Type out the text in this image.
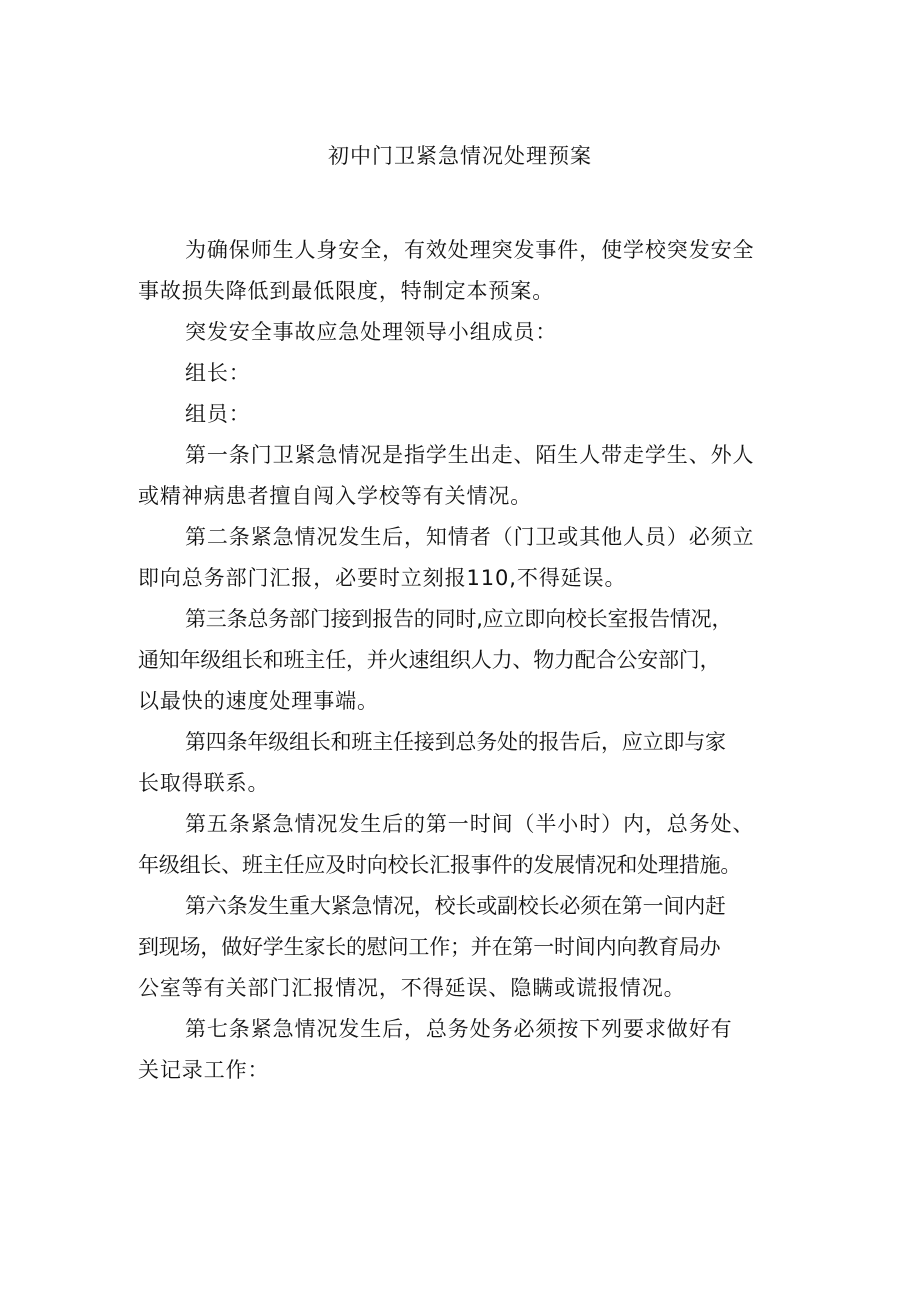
初中门卫紧急情况处理预案
为确保师生人身安全，有效处理突发事件，使学校突发安全
事故损失降低到最低限度，特制定本预案。
突发安全事故应急处理领导小组成员：
组长：
组员：
第一条门卫紧急情况是指学生出走、陌生人带走学生、外人
或精神病患者擅自闯入学校等有关情况。
第二条紧急情况发生后，知情者（门卫或其他人员）必须立
即向总务部门汇报，必要时立刻报110,不得延误。
第三条总务部门接到报告的同时,应立即向校长室报告情况，
通知年级组长和班主任，并火速组织人力、物力配合公安部门，
以最快的速度处理事端。
第四条年级组长和班主任接到总务处的报告后，应立即与家
长取得联系。
第五条紧急情况发生后的第一时间（半小时）内，总务处、
年级组长、班主任应及时向校长汇报事件的发展情况和处理措施。
第六条发生重大紧急情况，校长或副校长必须在第一间内赶
到现场，做好学生家长的慰问工作；并在第一时间内向教育局办
公室等有关部门汇报情况，不得延误、隐瞒或谎报情况。
第七条紧急情况发生后，总务处务必须按下列要求做好有
关记录工作：
